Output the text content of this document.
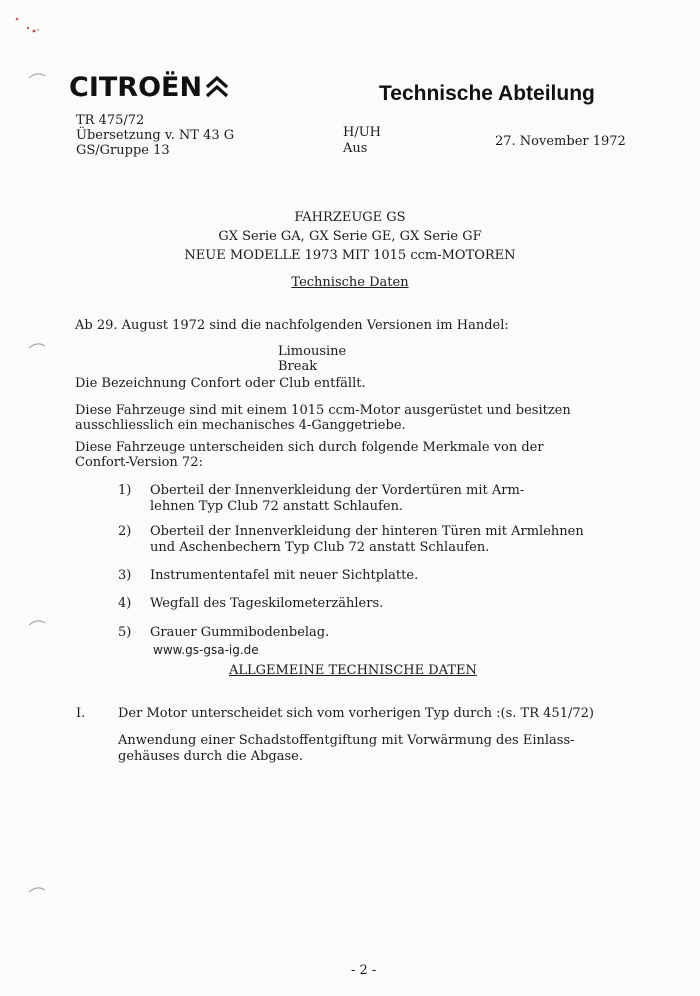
CITROËN	Technische Abteilung
TR 475/72
Übersetzung v. NT 43 G
GS/Gruppe 13
H/UH
Aus	27. November 1972
FAHRZEUGE GS
GX Serie GA, GX Serie GE, GX Serie GF
NEUE MODELLE 1973 MIT 1015 ccm-MOTOREN
Technische Daten
Ab 29. August 1972 sind die nachfolgenden Versionen im Handel:
Limousine
Break
Die Bezeichnung Confort oder Club entfällt.
Diese Fahrzeuge sind mit einem 1015 ccm-Motor ausgerüstet und besitzen
ausschliesslich ein mechanisches 4-Ganggetriebe.
Diese Fahrzeuge unterscheiden sich durch folgende Merkmale von der
Confort-Version 72:
1) Oberteil der Innenverkleidung der Vordertüren mit Arm-
lehnen Typ Club 72 anstatt Schlaufen.
2) Oberteil der Innenverkleidung der hinteren Türen mit Armlehnen
und Aschenbechern Typ Club 72 anstatt Schlaufen.
3) Instrumententafel mit neuer Sichtplatte.
4) Wegfall des Tageskilometerzählers.
5) Grauer Gummibodenbelag.
www.gs-gsa-ig.de
ALLGEMEINE TECHNISCHE DATEN
I.	Der Motor unterscheidet sich vom vorherigen Typ durch :(s. TR 451/72)
Anwendung einer Schadstoffentgiftung mit Vorwärmung des Einlass-
gehäuses durch die Abgase.
- 2 -
